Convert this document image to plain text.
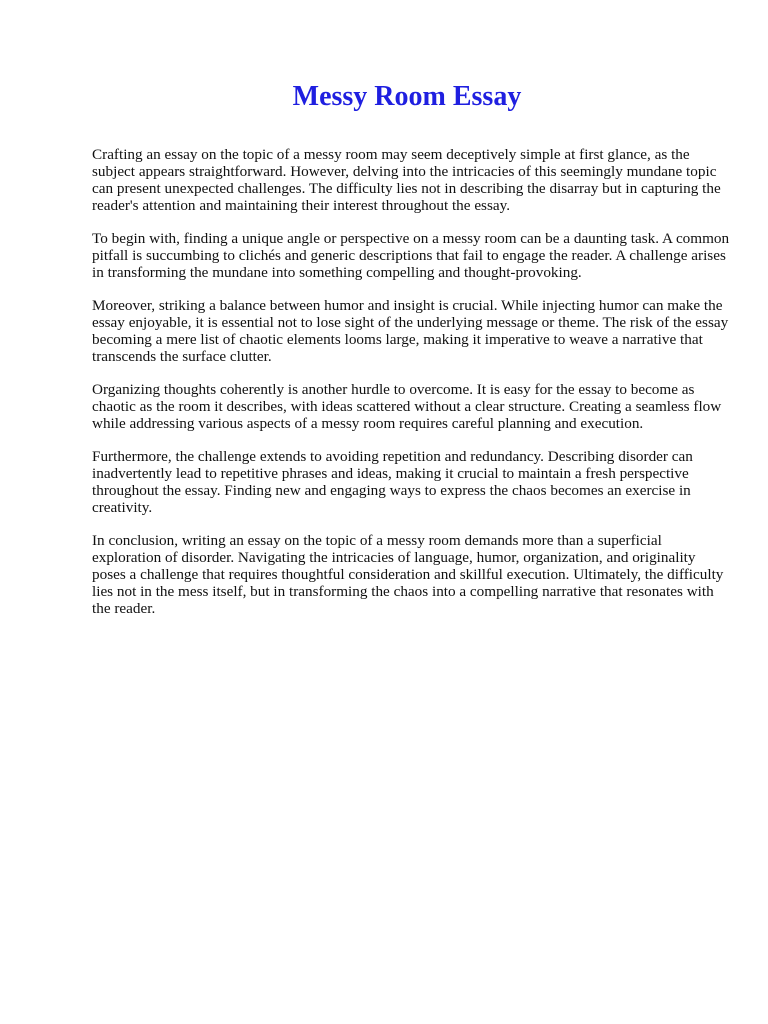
Messy Room Essay

Crafting an essay on the topic of a messy room may seem deceptively simple at first glance, as the subject appears straightforward. However, delving into the intricacies of this seemingly mundane topic can present unexpected challenges. The difficulty lies not in describing the disarray but in capturing the reader's attention and maintaining their interest throughout the essay.

To begin with, finding a unique angle or perspective on a messy room can be a daunting task. A common pitfall is succumbing to clichés and generic descriptions that fail to engage the reader. A challenge arises in transforming the mundane into something compelling and thought-provoking.

Moreover, striking a balance between humor and insight is crucial. While injecting humor can make the essay enjoyable, it is essential not to lose sight of the underlying message or theme. The risk of the essay becoming a mere list of chaotic elements looms large, making it imperative to weave a narrative that transcends the surface clutter.

Organizing thoughts coherently is another hurdle to overcome. It is easy for the essay to become as chaotic as the room it describes, with ideas scattered without a clear structure. Creating a seamless flow while addressing various aspects of a messy room requires careful planning and execution.

Furthermore, the challenge extends to avoiding repetition and redundancy. Describing disorder can inadvertently lead to repetitive phrases and ideas, making it crucial to maintain a fresh perspective throughout the essay. Finding new and engaging ways to express the chaos becomes an exercise in creativity.

In conclusion, writing an essay on the topic of a messy room demands more than a superficial exploration of disorder. Navigating the intricacies of language, humor, organization, and originality poses a challenge that requires thoughtful consideration and skillful execution. Ultimately, the difficulty lies not in the mess itself, but in transforming the chaos into a compelling narrative that resonates with the reader.
